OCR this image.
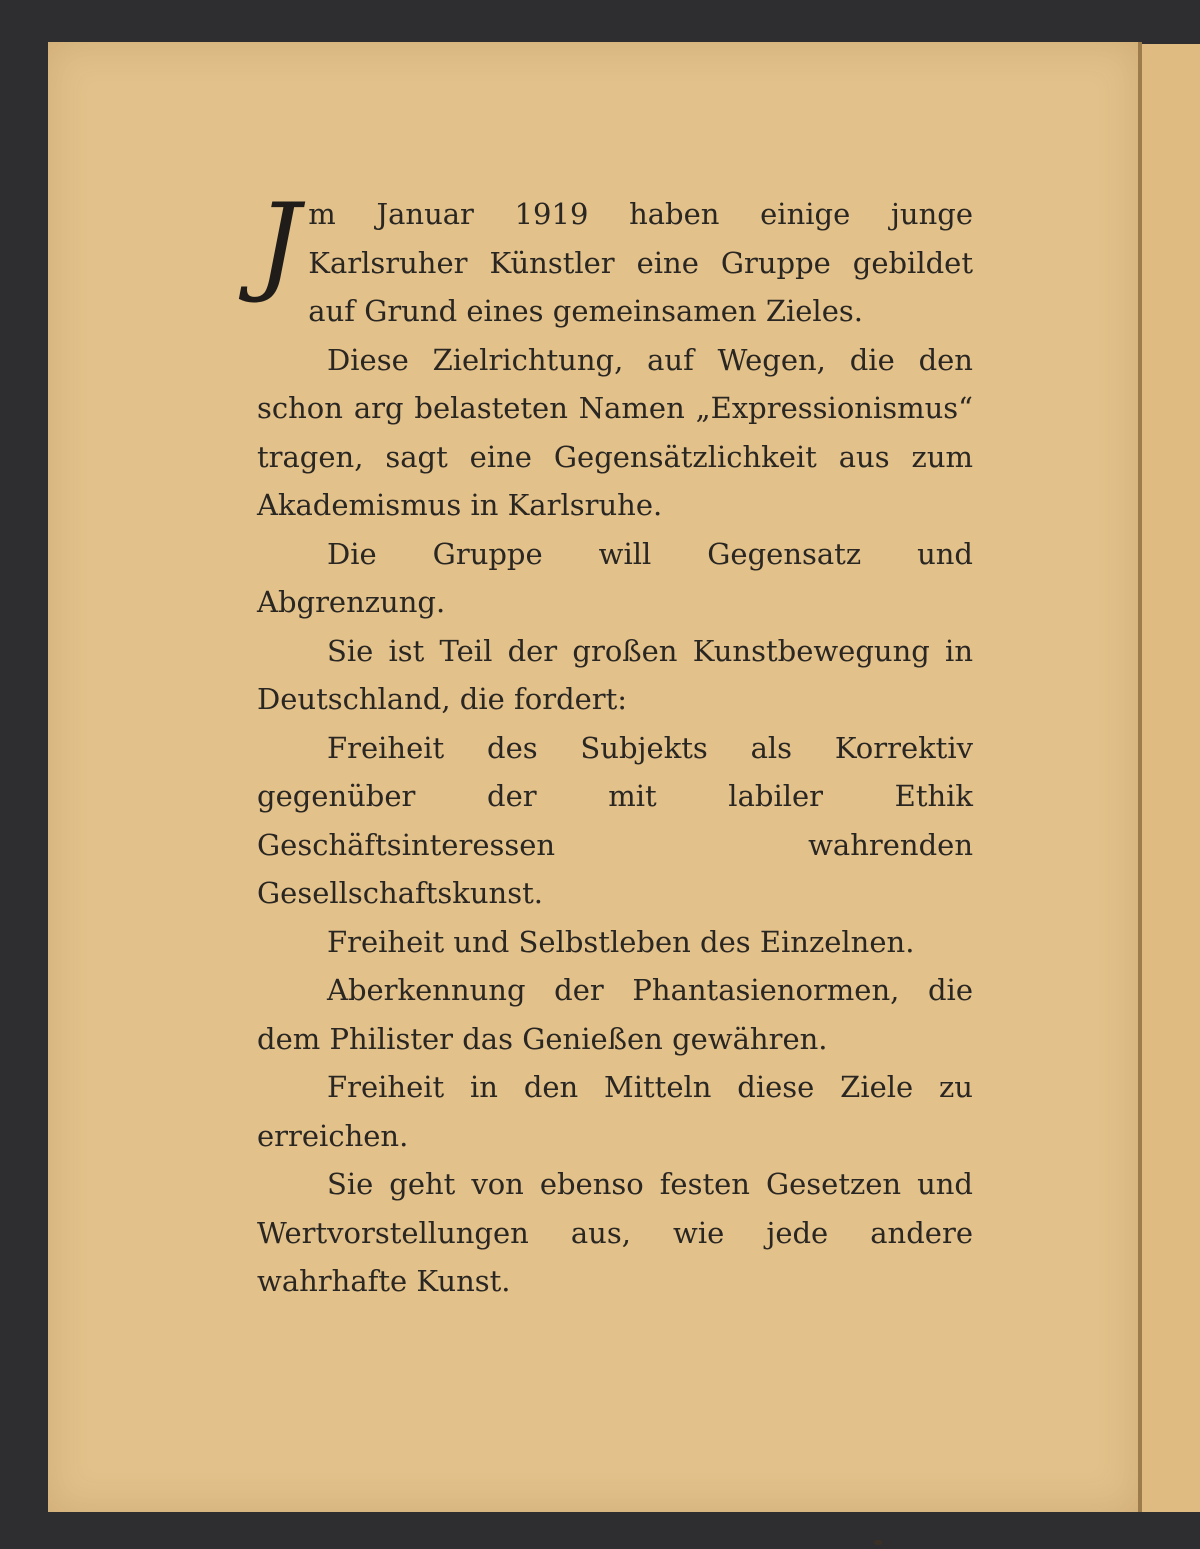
Jm Januar 1919 haben einige junge Karlsruher Künstler eine Gruppe gebildet auf Grund eines gemeinsamen Zieles.

Diese Zielrichtung, auf Wegen, die den schon arg belasteten Namen „Expressionismus“ tragen, sagt eine Gegensätzlichkeit aus zum Akademismus in Karlsruhe.

Die Gruppe will Gegensatz und Abgrenzung.

Sie ist Teil der großen Kunstbewegung in Deutschland, die fordert:

Freiheit des Subjekts als Korrektiv gegenüber der mit labiler Ethik Geschäftsinteressen wahrenden Gesellschaftskunst.

Freiheit und Selbstleben des Einzelnen.

Aberkennung der Phantasienormen, die dem Philister das Genießen gewähren.

Freiheit in den Mitteln diese Ziele zu erreichen.

Sie geht von ebenso festen Gesetzen und Wertvorstellungen aus, wie jede andere wahrhafte Kunst.
